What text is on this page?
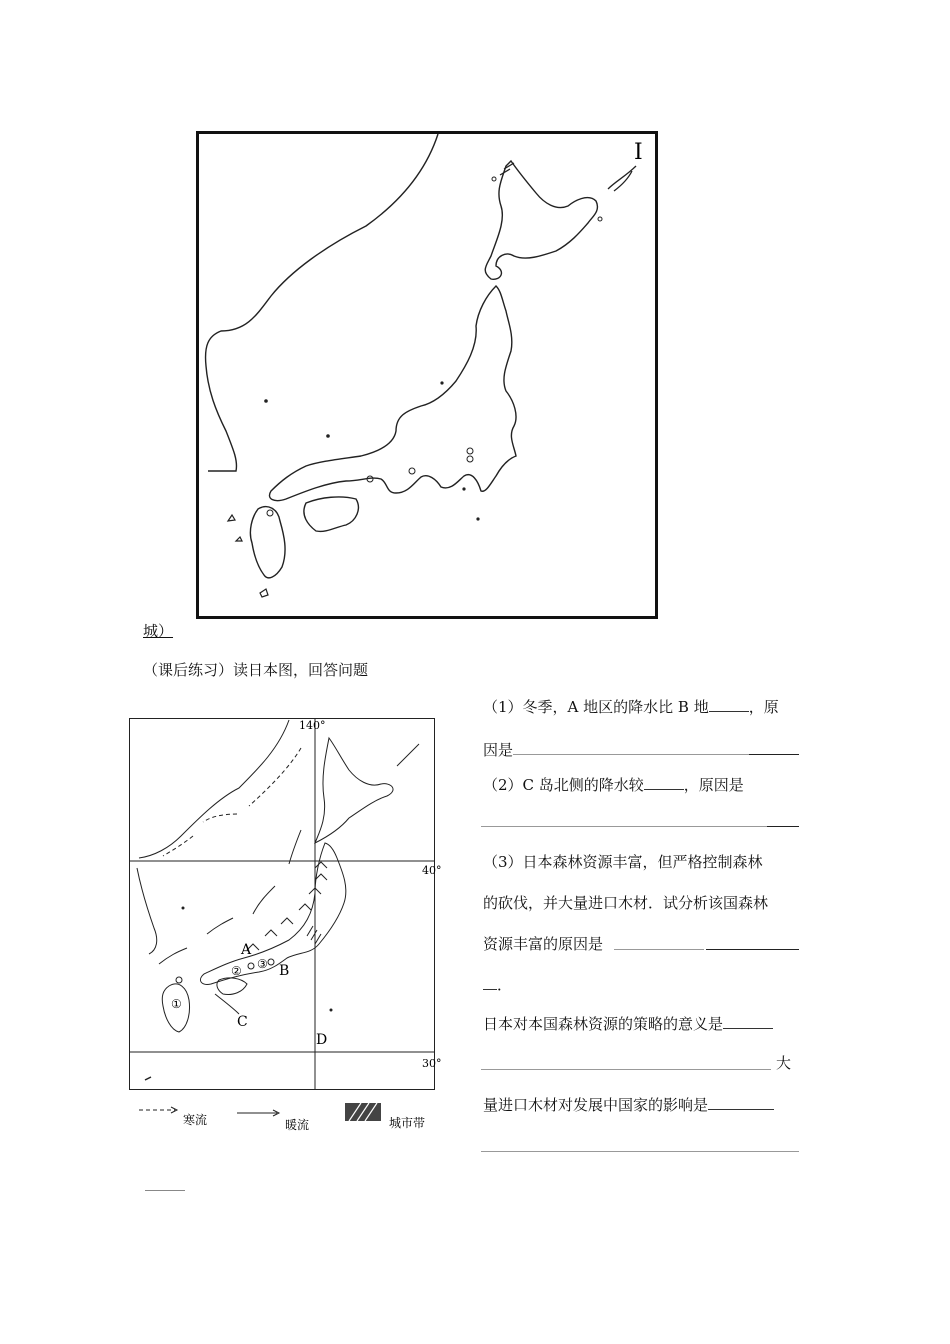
I
城）
（课后练习）读日本图，回答问题
140°
40°
30°
A
B
C
D
①
② ③
寒流	暖流	城市带
（1）冬季，A 地区的降水比 B 地	，原
因是
（2）C 岛北侧的降水较	，原因是
（3）日本森林资源丰富，但严格控制森林
的砍伐，并大量进口木材．试分析该国森林
资源丰富的原因是
．
日本对本国森林资源的策略的意义是
大
量进口木材对发展中国家的影响是
